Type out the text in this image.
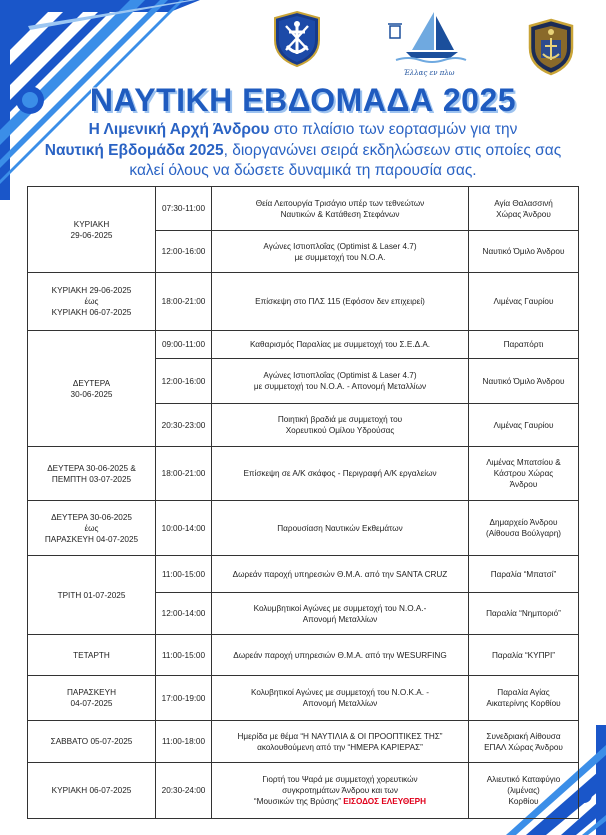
Έλλας εν πλω
ΝΑΥΤΙΚΗ ΕΒΔΟΜΑΔΑ 2025
Η Λιμενική Αρχή Άνδρου στο πλαίσιο των εορτασμών για την
Ναυτική Εβδομάδα 2025, διοργανώνει σειρά εκδηλώσεων στις οποίες σας καλεί όλους να δώσετε δυναμικά τη παρουσία σας.
ΚΥΡΙΑΚΗ
29-06-2025	07:30-11:00	Θεία Λειτουργία Τρισάγιο υπέρ των τεθνεώτων
Ναυτικών & Κατάθεση Στεφάνων	Αγία Θαλασσινή
Χώρας Άνδρου
	12:00-16:00	Αγώνες Ιστιοπλοΐας (Optimist & Laser 4.7)
με συμμετοχή του Ν.Ο.Α.	Ναυτικό Όμιλο Άνδρου
ΚΥΡΙΑΚΗ 29-06-2025
έως
ΚΥΡΙΑΚΗ 06-07-2025	18:00-21:00	Επίσκεψη στο ΠΛΣ 115 (Εφόσον δεν επιχειρεί)	Λιμένας Γαυρίου
ΔΕΥΤΕΡΑ
30-06-2025	09:00-11:00	Καθαρισμός Παραλίας με συμμετοχή του Σ.Ε.Δ.Α.	Παραπόρτι
	12:00-16:00	Αγώνες Ιστιοπλοΐας (Optimist & Laser 4.7)
με συμμετοχή του Ν.Ο.Α. - Απονομή Μεταλλίων	Ναυτικό Όμιλο Άνδρου
	20:30-23:00	Ποιητική βραδιά με συμμετοχή του
Χορευτικού Ομίλου Υδρούσας	Λιμένας Γαυρίου
ΔΕΥΤΕΡΑ 30-06-2025 &
ΠΕΜΠΤΗ 03-07-2025	18:00-21:00	Επίσκεψη σε Α/Κ σκάφος - Περιγραφή Α/Κ εργαλείων	Λιμένας Μπατσίου &
Κάστρου Χώρας
Άνδρου
ΔΕΥΤΕΡΑ 30-06-2025
έως
ΠΑΡΑΣΚΕΥΗ 04-07-2025	10:00-14:00	Παρουσίαση Ναυτικών Εκθεμάτων	Δημαρχείο Άνδρου
(Αίθουσα Βούλγαρη)
ΤΡΙΤΗ 01-07-2025	11:00-15:00	Δωρεάν παροχή υπηρεσιών Θ.Μ.Α. από την SANTA CRUZ	Παραλία “Μπατσί”
	12:00-14:00	Κολυμβητικοί Αγώνες με συμμετοχή του Ν.Ο.Α.-
Απονομή Μεταλλίων	Παραλία “Νημποριό”
ΤΕΤΑΡΤΗ	11:00-15:00	Δωρεάν παροχή υπηρεσιών Θ.Μ.Α. από την WESURFING	Παραλία “ΚΥΠΡΙ”
ΠΑΡΑΣΚΕΥΗ
04-07-2025	17:00-19:00	Κολυβητικοί Αγώνες με συμμετοχή του Ν.Ο.Κ.Α. -
Απονομή Μεταλλίων	Παραλία Αγίας
Αικατερίνης Κορθίου
ΣΑΒΒΑΤΟ 05-07-2025	11:00-18:00	Ημερίδα με θέμα “Η ΝΑΥΤΙΛΙΑ & ΟΙ ΠΡΟΟΠΤΙΚΕΣ ΤΗΣ”
ακολουθούμενη από την “ΗΜΕΡΑ ΚΑΡΙΕΡΑΣ”	Συνεδριακή Αίθουσα
ΕΠΑΛ Χώρας Άνδρου
ΚΥΡΙΑΚΗ 06-07-2025	20:30-24:00	Γιορτή του Ψαρά με συμμετοχή χορευτικών
συγκροτημάτων Άνδρου και των
“Μουσικών της Βρύσης” ΕΙΣΟΔΟΣ ΕΛΕΥΘΕΡΗ	Αλιευτικό Καταφύγιο
(λιμένας)
Κορθίου
